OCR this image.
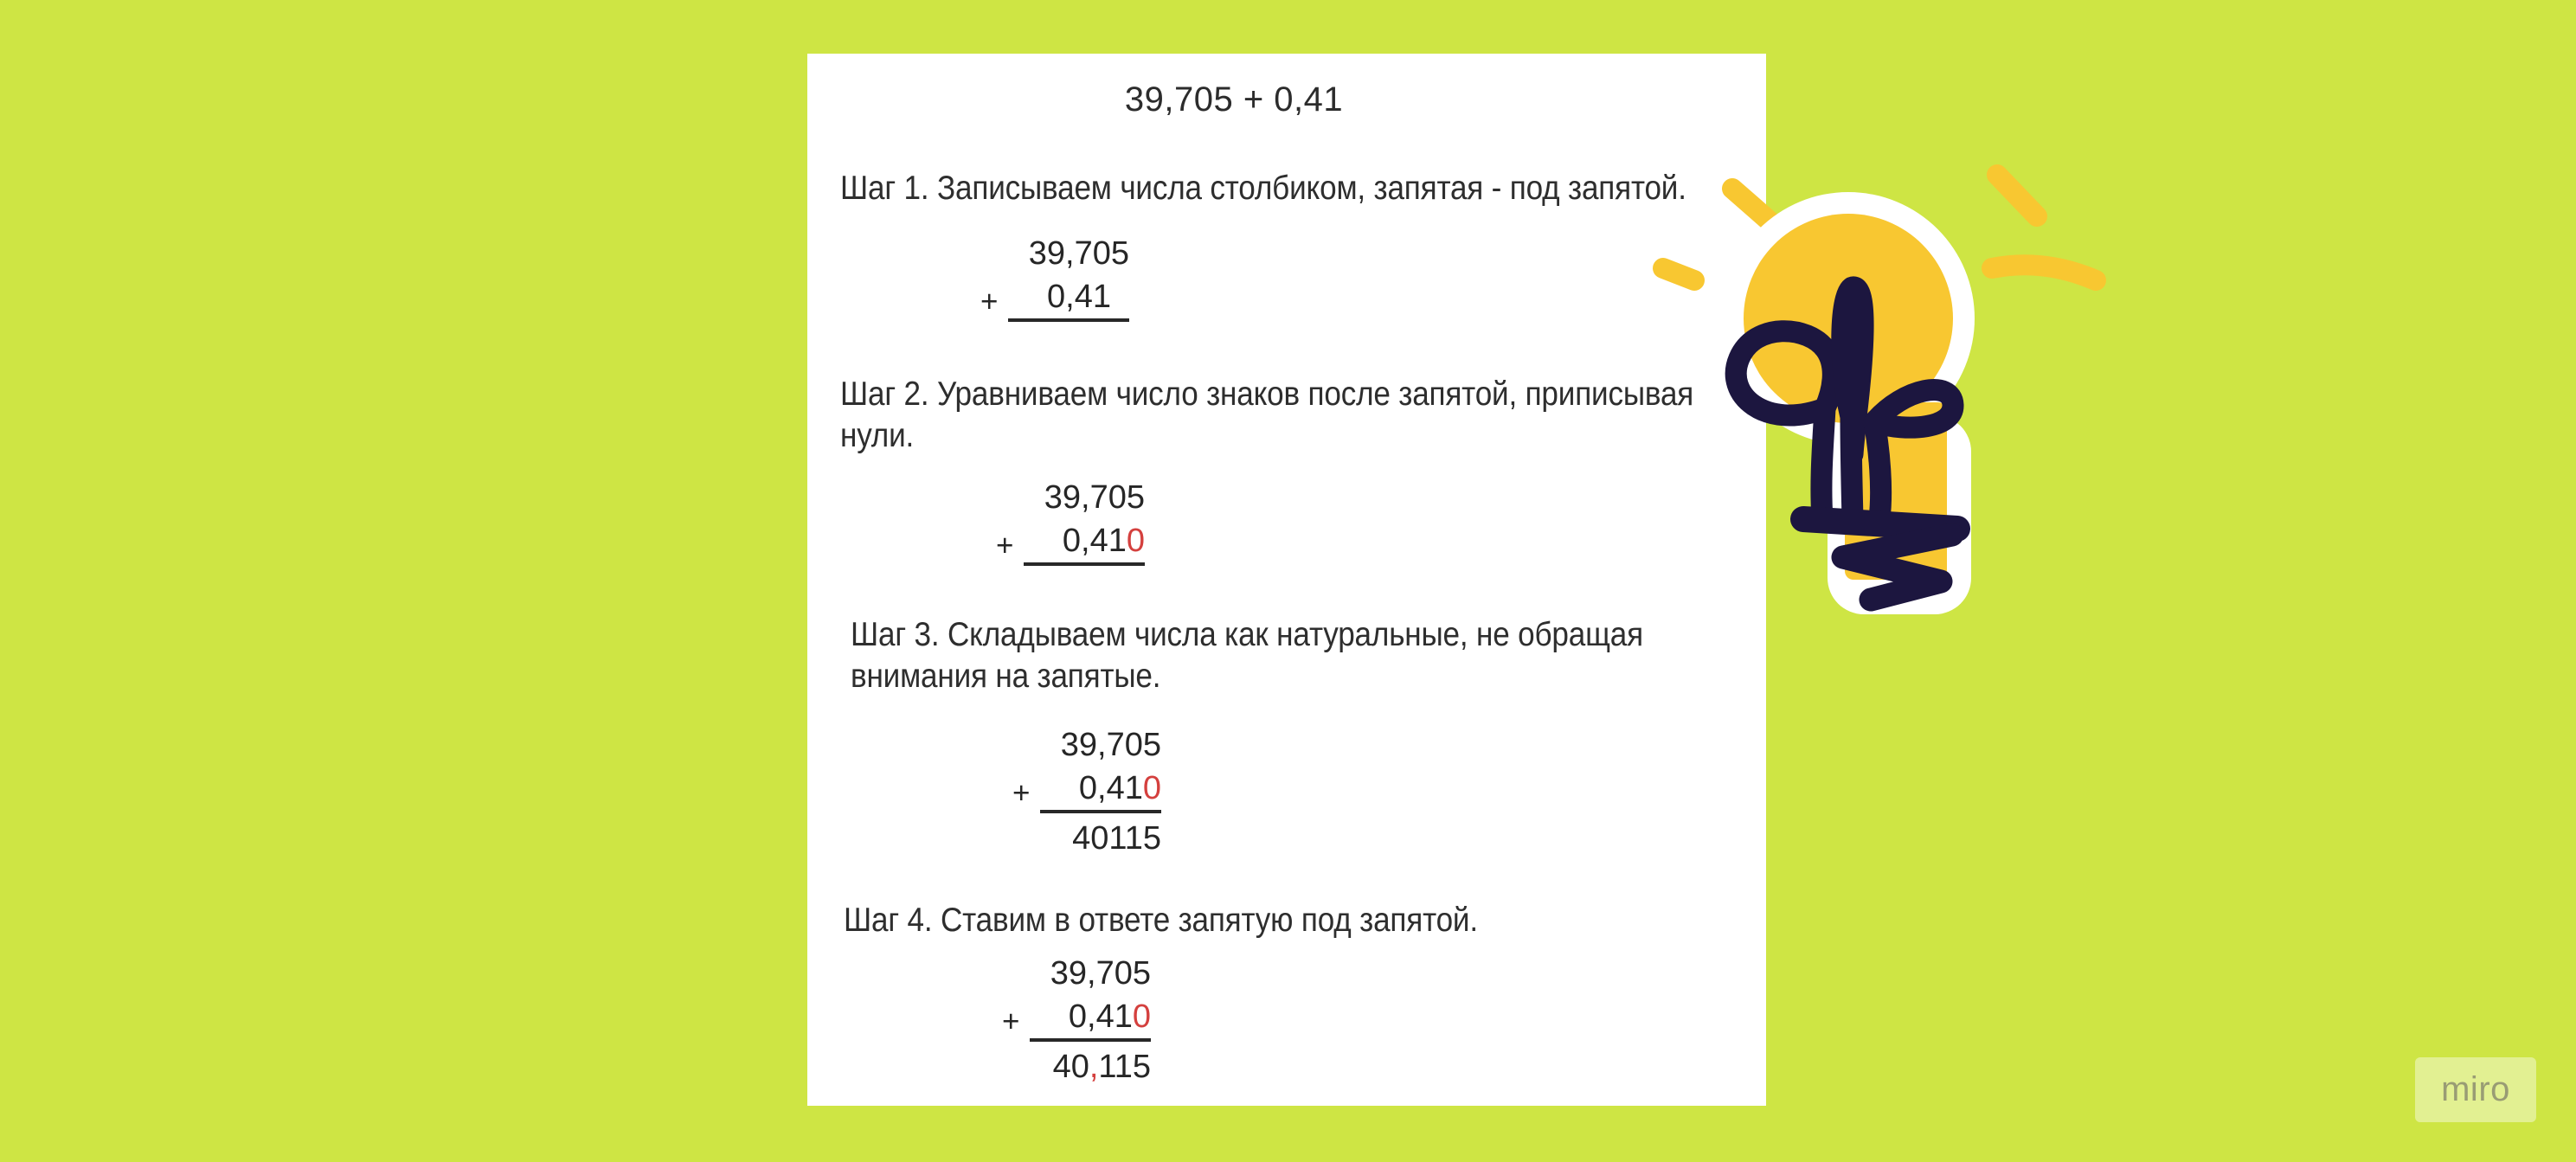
39,705 + 0,41
Шаг 1. Записываем числа столбиком, запятая - под запятой.
+
39,705
0,41
Шаг 2. Уравниваем число знаков после запятой, приписывая
нули.
+
39,705
0,410
Шаг 3. Складываем числа как натуральные, не обращая
внимания на запятые.
+
39,705
0,410
40115
Шаг 4. Ставим в ответе запятую под запятой.
+
39,705
0,410
40,115
miro
